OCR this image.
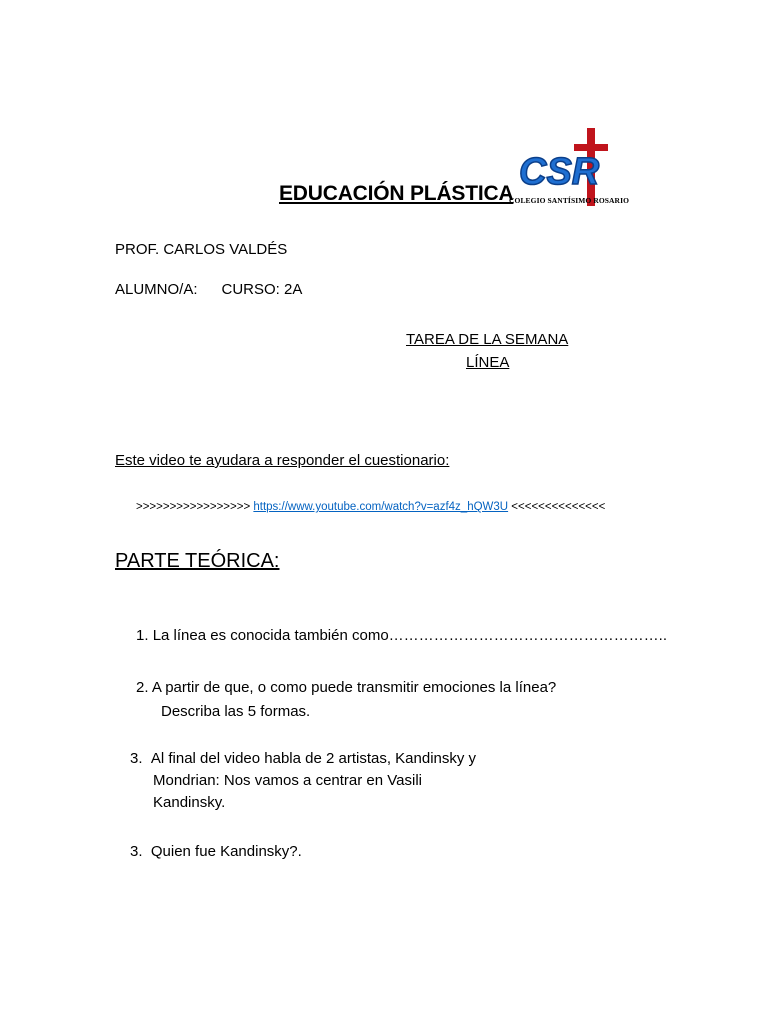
EDUCACIÓN PLÁSTICA
CSR
COLEGIO SANTÍSIMO ROSARIO
PROF. CARLOS VALDÉS
ALUMNO/A: CURSO: 2A
TAREA DE LA SEMANA
LÍNEA
Este video te ayudara a responder el cuestionario:
>>>>>>>>>>>>>>>>> https://www.youtube.com/watch?v=azf4z_hQW3U <<<<<<<<<<<<<<
PARTE TEÓRICA:
1. La línea es conocida también como………………………………………………..
2. A partir de que, o como puede transmitir emociones la línea?
Describa las 5 formas.
3. Al final del video habla de 2 artistas, Kandinsky y
Mondrian: Nos vamos a centrar en Vasili
Kandinsky.
3. Quien fue Kandinsky?.
